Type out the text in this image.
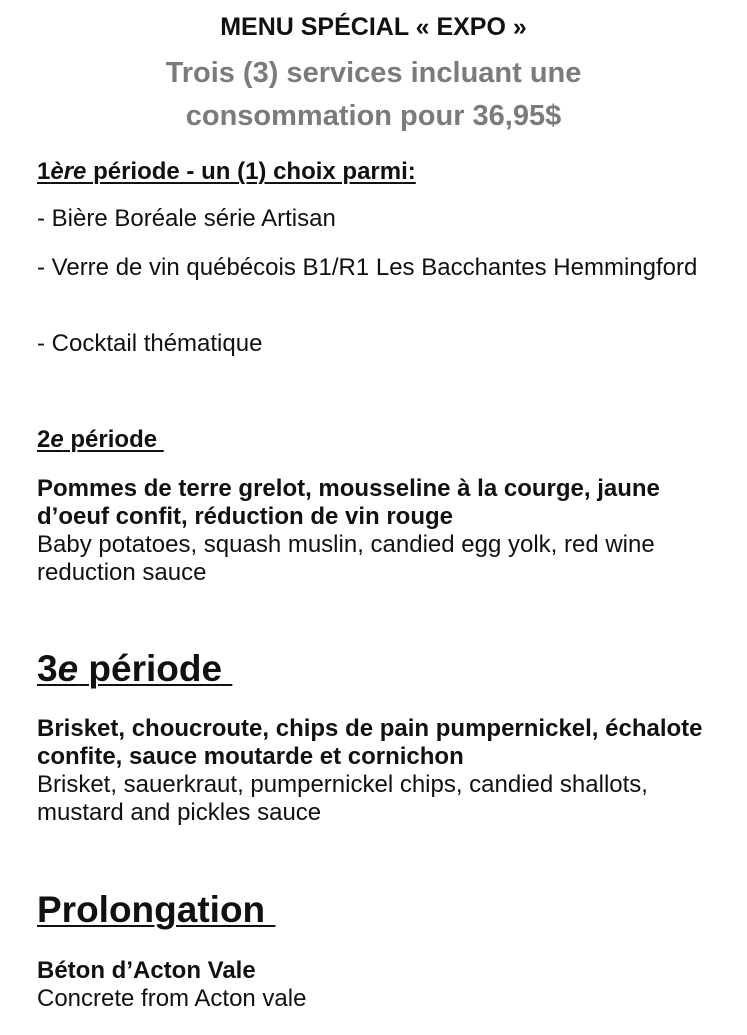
MENU SPÉCIAL « EXPO »
Trois (3) services incluant une
consommation pour 36,95$
1ère période - un (1) choix parmi:
- Bière Boréale série Artisan
- Verre de vin québécois B1/R1 Les Bacchantes Hemmingford
- Cocktail thématique
2e période
Pommes de terre grelot, mousseline à la courge, jaune d’oeuf confit, réduction de vin rouge
Baby potatoes, squash muslin, candied egg yolk, red wine reduction sauce
3e période
Brisket, choucroute, chips de pain pumpernickel, échalote confite, sauce moutarde et cornichon
Brisket, sauerkraut, pumpernickel chips, candied shallots, mustard and pickles sauce
Prolongation
Béton d’Acton Vale
Concrete from Acton vale
